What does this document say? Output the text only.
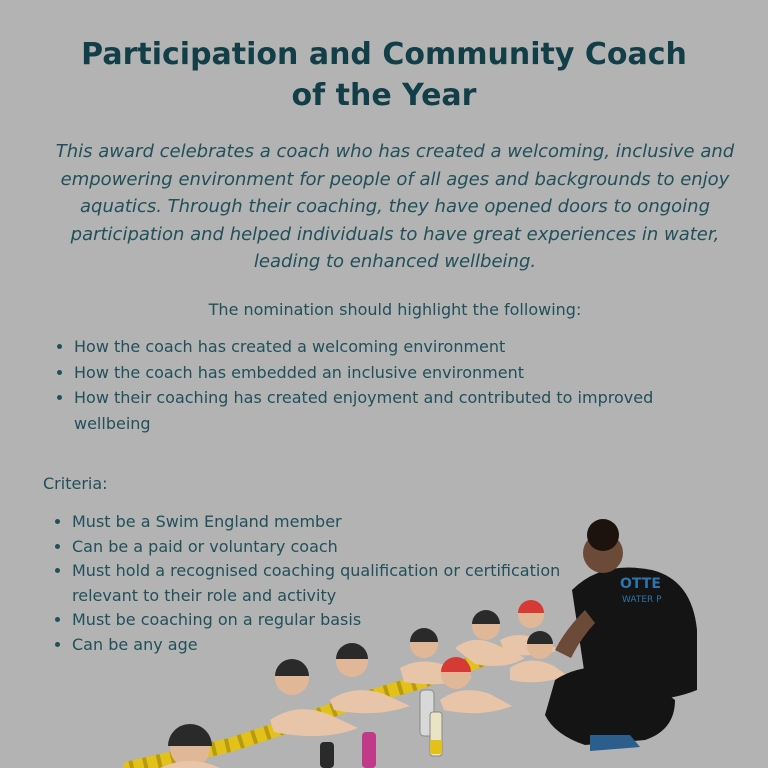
Participation and Community Coach
of the Year

This award celebrates a coach who has created a welcoming, inclusive and empowering environment for people of all ages and backgrounds to enjoy aquatics. Through their coaching, they have opened doors to ongoing participation and helped individuals to have great experiences in water, leading to enhanced wellbeing.

The nomination should highlight the following:

• How the coach has created a welcoming environment
• How the coach has embedded an inclusive environment
• How their coaching has created enjoyment and contributed to improved wellbeing

Criteria:

• Must be a Swim England member
• Can be a paid or voluntary coach
• Must hold a recognised coaching qualification or certification relevant to their role and activity
• Must be coaching on a regular basis
• Can be any age
OTTE
WATER P
